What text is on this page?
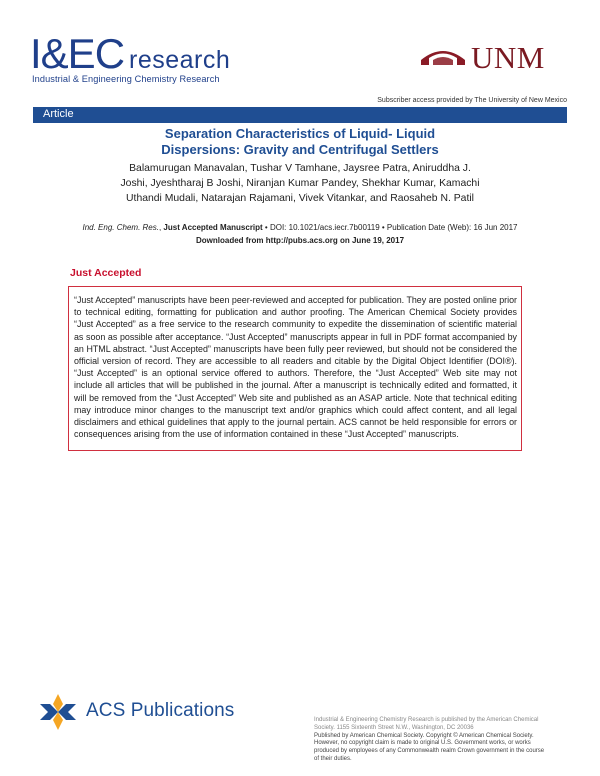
I&EC research
Industrial & Engineering Chemistry Research
UNM
Subscriber access provided by The University of New Mexico
Article
Separation Characteristics of Liquid- Liquid
Dispersions: Gravity and Centrifugal Settlers
Balamurugan Manavalan, Tushar V Tamhane, Jaysree Patra, Aniruddha J.
Joshi, Jyeshtharaj B Joshi, Niranjan Kumar Pandey, Shekhar Kumar, Kamachi
Uthandi Mudali, Natarajan Rajamani, Vivek Vitankar, and Raosaheb N. Patil
Ind. Eng. Chem. Res., Just Accepted Manuscript • DOI: 10.1021/acs.iecr.7b00119 • Publication Date (Web): 16 Jun 2017
Downloaded from http://pubs.acs.org on June 19, 2017
Just Accepted

“Just Accepted” manuscripts have been peer-reviewed and accepted for publication. They are posted online prior to technical editing, formatting for publication and author proofing. The American Chemical Society provides “Just Accepted” as a free service to the research community to expedite the dissemination of scientific material as soon as possible after acceptance. “Just Accepted” manuscripts appear in full in PDF format accompanied by an HTML abstract. “Just Accepted” manuscripts have been fully peer reviewed, but should not be considered the official version of record. They are accessible to all readers and citable by the Digital Object Identifier (DOI®). “Just Accepted” is an optional service offered to authors. Therefore, the “Just Accepted” Web site may not include all articles that will be published in the journal. After a manuscript is technically edited and formatted, it will be removed from the “Just Accepted” Web site and published as an ASAP article. Note that technical editing may introduce minor changes to the manuscript text and/or graphics which could affect content, and all legal disclaimers and ethical guidelines that apply to the journal pertain. ACS cannot be held responsible for errors or consequences arising from the use of information contained in these “Just Accepted” manuscripts.

ACS Publications	Industrial & Engineering Chemistry Research is published by the American Chemical

Society. 1155 Sixteenth Street N.W., Washington, DC 20036

Published by American Chemical Society. Copyright © American Chemical Society.

However, no copyright claim is made to original U.S. Government works, or works

produced by employees of any Commonwealth realm Crown government in the course

of their duties.
